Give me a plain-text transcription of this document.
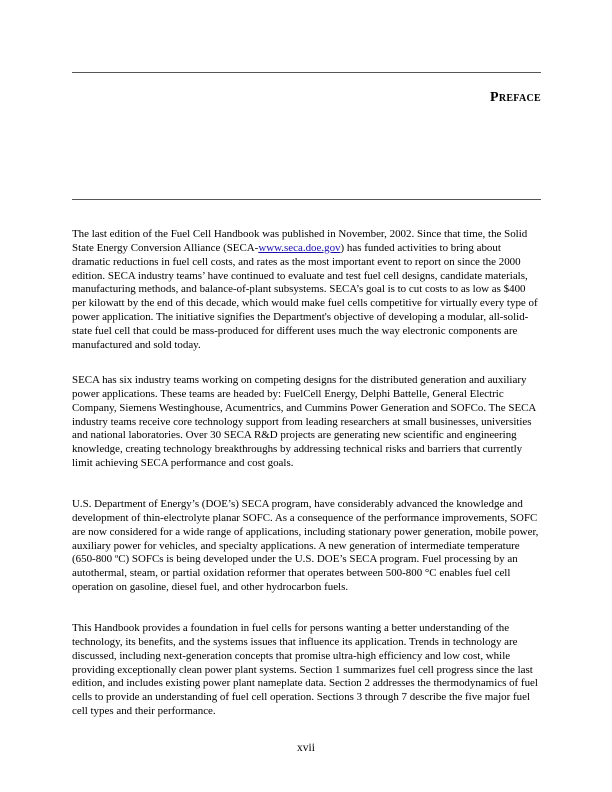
Preface

The last edition of the Fuel Cell Handbook was published in November, 2002. Since that time, the Solid State Energy Conversion Alliance (SECA-www.seca.doe.gov) has funded activities to bring about dramatic reductions in fuel cell costs, and rates as the most important event to report on since the 2000 edition. SECA industry teams’ have continued to evaluate and test fuel cell designs, candidate materials, manufacturing methods, and balance-of-plant subsystems. SECA’s goal is to cut costs to as low as $400 per kilowatt by the end of this decade, which would make fuel cells competitive for virtually every type of power application. The initiative signifies the Department's objective of developing a modular, all-solid-state fuel cell that could be mass-produced for different uses much the way electronic components are manufactured and sold today.

SECA has six industry teams working on competing designs for the distributed generation and auxiliary power applications. These teams are headed by: FuelCell Energy, Delphi Battelle, General Electric Company, Siemens Westinghouse, Acumentrics, and Cummins Power Generation and SOFCo. The SECA industry teams receive core technology support from leading researchers at small businesses, universities and national laboratories. Over 30 SECA R&D projects are generating new scientific and engineering knowledge, creating technology breakthroughs by addressing technical risks and barriers that currently limit achieving SECA performance and cost goals.

U.S. Department of Energy’s (DOE’s) SECA program, have considerably advanced the knowledge and development of thin-electrolyte planar SOFC. As a consequence of the performance improvements, SOFC are now considered for a wide range of applications, including stationary power generation, mobile power, auxiliary power for vehicles, and specialty applications. A new generation of intermediate temperature (650-800 ºC) SOFCs is being developed under the U.S. DOE’s SECA program. Fuel processing by an autothermal, steam, or partial oxidation reformer that operates between 500-800 °C enables fuel cell operation on gasoline, diesel fuel, and other hydrocarbon fuels.

This Handbook provides a foundation in fuel cells for persons wanting a better understanding of the technology, its benefits, and the systems issues that influence its application. Trends in technology are discussed, including next-generation concepts that promise ultra-high efficiency and low cost, while providing exceptionally clean power plant systems. Section 1 summarizes fuel cell progress since the last edition, and includes existing power plant nameplate data. Section 2 addresses the thermodynamics of fuel cells to provide an understanding of fuel cell operation. Sections 3 through 7 describe the five major fuel cell types and their performance.

xvii
